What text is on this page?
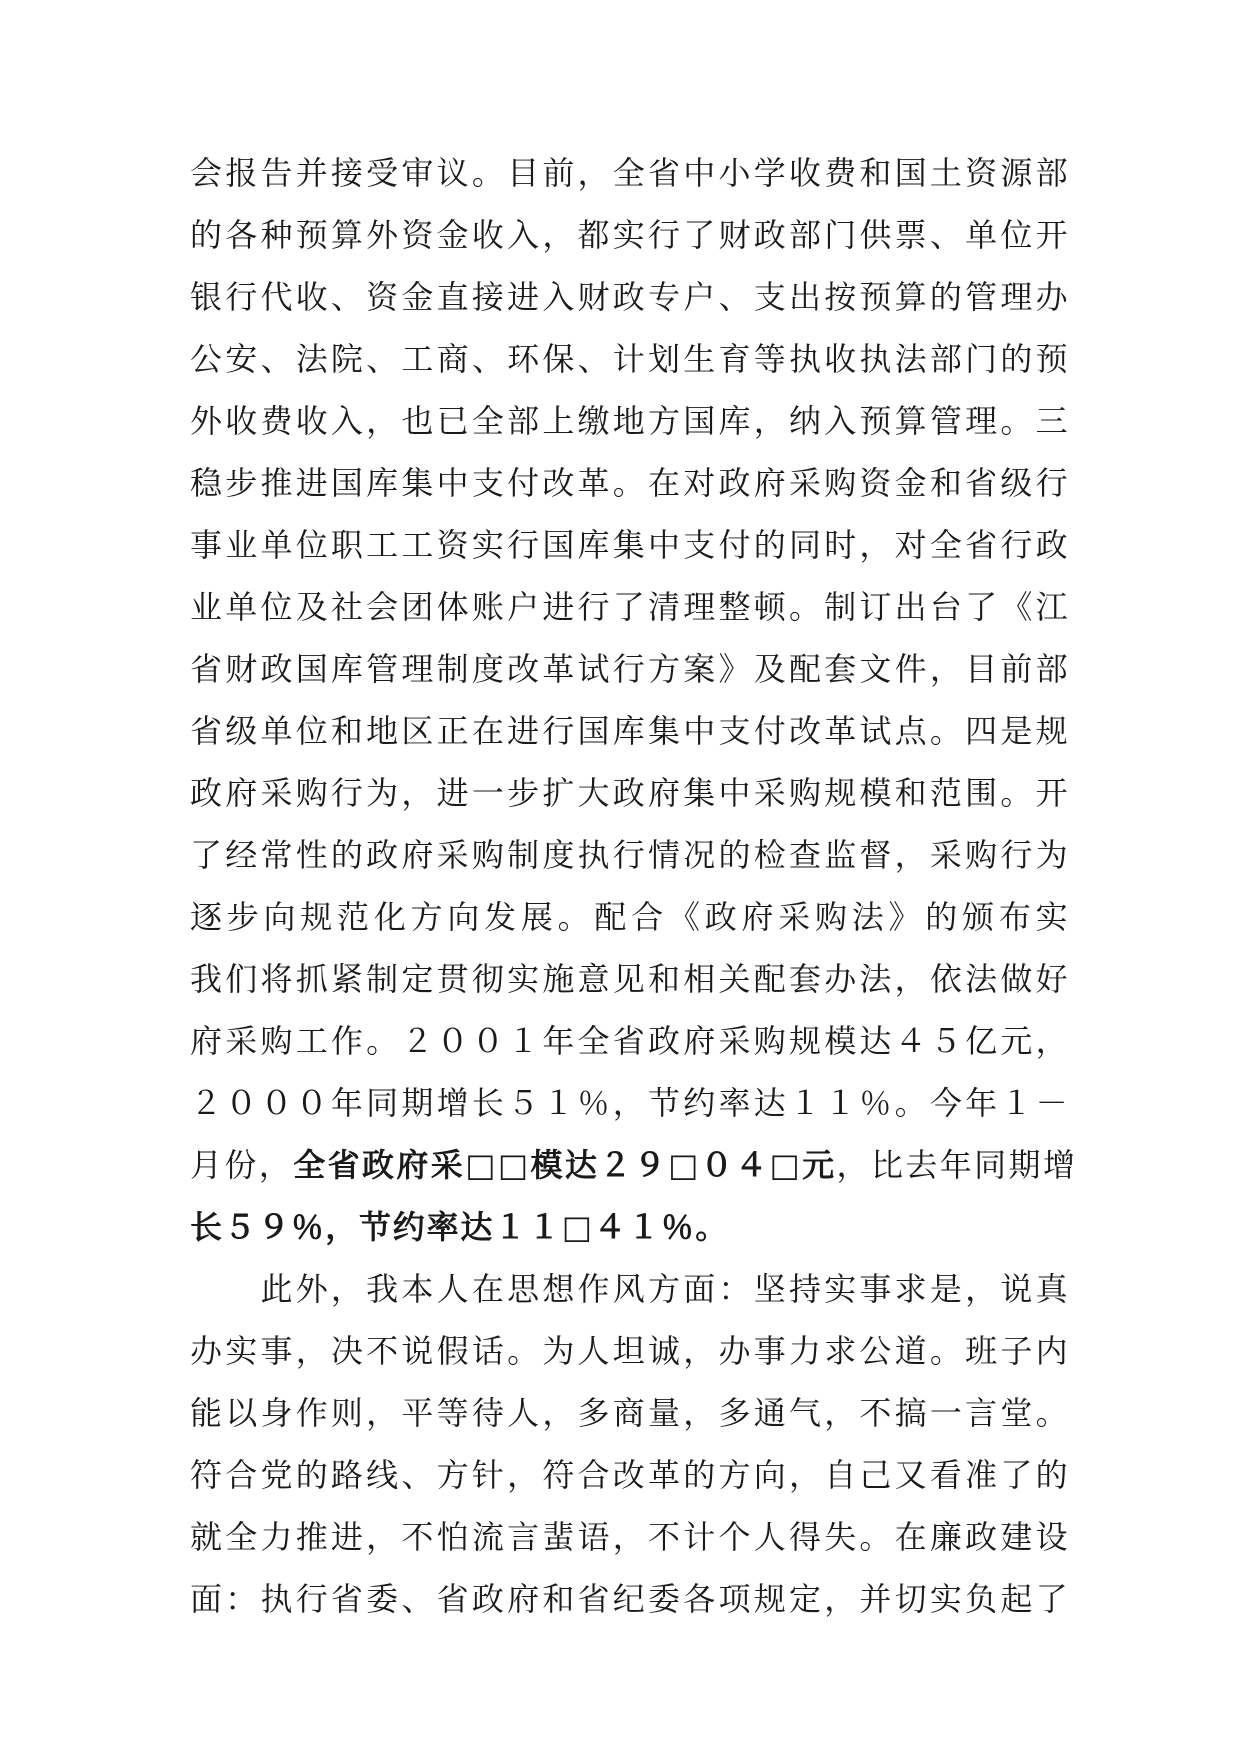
会报告并接受审议。目前，全省中小学收费和国土资源部
的各种预算外资金收入，都实行了财政部门供票、单位开
银行代收、资金直接进入财政专户、支出按预算的管理办
公安、法院、工商、环保、计划生育等执收执法部门的预
外收费收入，也已全部上缴地方国库，纳入预算管理。三
稳步推进国库集中支付改革。在对政府采购资金和省级行
事业单位职工工资实行国库集中支付的同时，对全省行政
业单位及社会团体账户进行了清理整顿。制订出台了《江
省财政国库管理制度改革试行方案》及配套文件，目前部
省级单位和地区正在进行国库集中支付改革试点。四是规
政府采购行为，进一步扩大政府集中采购规模和范围。开
了经常性的政府采购制度执行情况的检查监督，采购行为
逐步向规范化方向发展。配合《政府采购法》的颁布实
我们将抓紧制定贯彻实施意见和相关配套办法，依法做好
府采购工作。２００１年全省政府采购规模达４５亿元，
２０００年同期增长５１％，节约率达１１％。今年１－
月份，全省政府采□□模达２９□０４□元，比去年同期增
长５９％，节约率达１１□４１％。
　　此外，我本人在思想作风方面：坚持实事求是，说真
办实事，决不说假话。为人坦诚，办事力求公道。班子内
能以身作则，平等待人，多商量，多通气，不搞一言堂。
符合党的路线、方针，符合改革的方向，自己又看准了的
就全力推进，不怕流言蜚语，不计个人得失。在廉政建设
面：执行省委、省政府和省纪委各项规定，并切实负起了
